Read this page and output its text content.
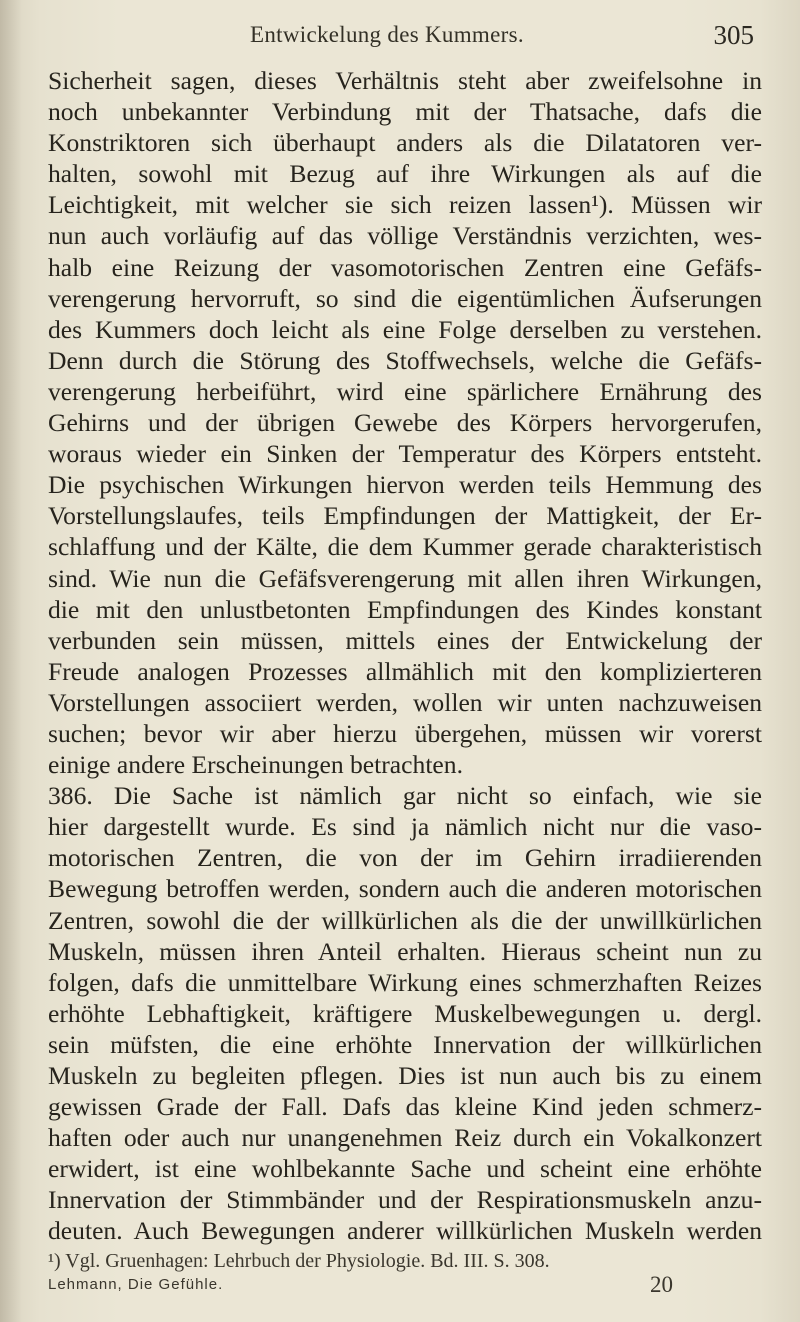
Entwickelung des Kummers.	305
Sicherheit sagen, dieses Verhältnis steht aber zweifelsohne in
noch unbekannter Verbindung mit der Thatsache, dafs die
Konstriktoren sich überhaupt anders als die Dilatatoren ver-
halten, sowohl mit Bezug auf ihre Wirkungen als auf die
Leichtigkeit, mit welcher sie sich reizen lassen¹). Müssen wir
nun auch vorläufig auf das völlige Verständnis verzichten, wes-
halb eine Reizung der vasomotorischen Zentren eine Gefäfs-
verengerung hervorruft, so sind die eigentümlichen Äufserungen
des Kummers doch leicht als eine Folge derselben zu verstehen.
Denn durch die Störung des Stoffwechsels, welche die Gefäfs-
verengerung herbeiführt, wird eine spärlichere Ernährung des
Gehirns und der übrigen Gewebe des Körpers hervorgerufen,
woraus wieder ein Sinken der Temperatur des Körpers entsteht.
Die psychischen Wirkungen hiervon werden teils Hemmung des
Vorstellungslaufes, teils Empfindungen der Mattigkeit, der Er-
schlaffung und der Kälte, die dem Kummer gerade charakteristisch
sind. Wie nun die Gefäfsverengerung mit allen ihren Wirkungen,
die mit den unlustbetonten Empfindungen des Kindes konstant
verbunden sein müssen, mittels eines der Entwickelung der
Freude analogen Prozesses allmählich mit den komplizierteren
Vorstellungen associiert werden, wollen wir unten nachzuweisen
suchen; bevor wir aber hierzu übergehen, müssen wir vorerst
einige andere Erscheinungen betrachten.
386. Die Sache ist nämlich gar nicht so einfach, wie sie
hier dargestellt wurde. Es sind ja nämlich nicht nur die vaso-
motorischen Zentren, die von der im Gehirn irradiierenden
Bewegung betroffen werden, sondern auch die anderen motorischen
Zentren, sowohl die der willkürlichen als die der unwillkürlichen
Muskeln, müssen ihren Anteil erhalten. Hieraus scheint nun zu
folgen, dafs die unmittelbare Wirkung eines schmerzhaften Reizes
erhöhte Lebhaftigkeit, kräftigere Muskelbewegungen u. dergl.
sein müfsten, die eine erhöhte Innervation der willkürlichen
Muskeln zu begleiten pflegen. Dies ist nun auch bis zu einem
gewissen Grade der Fall. Dafs das kleine Kind jeden schmerz-
haften oder auch nur unangenehmen Reiz durch ein Vokalkonzert
erwidert, ist eine wohlbekannte Sache und scheint eine erhöhte
Innervation der Stimmbänder und der Respirationsmuskeln anzu-
deuten. Auch Bewegungen anderer willkürlichen Muskeln werden
¹) Vgl. Gruenhagen: Lehrbuch der Physiologie. Bd. III. S. 308.
Lehmann, Die Gefühle.	20
